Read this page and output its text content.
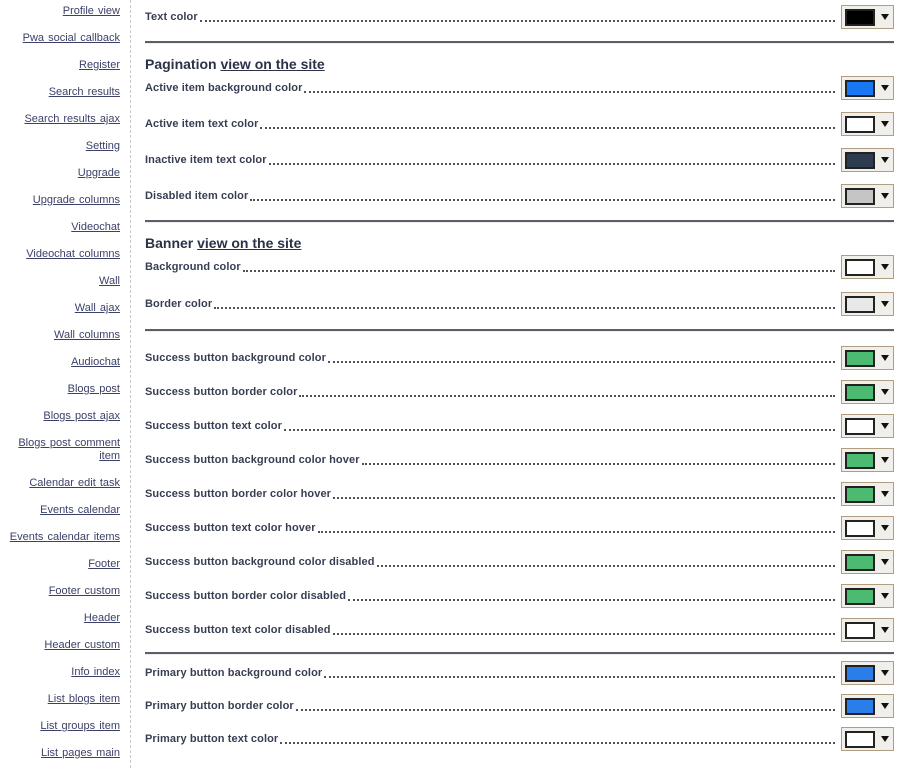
Profile view
Pwa social callback
Register
Search results
Search results ajax
Setting
Upgrade
Upgrade columns
Videochat
Videochat columns
Wall
Wall ajax
Wall columns
Audiochat
Blogs post
Blogs post ajax
Blogs post comment item
Calendar edit task
Events calendar
Events calendar items
Footer
Footer custom
Header
Header custom
Info index
List blogs item
List groups item
List pages main
Text color
Pagination view on the site
Active item background color
Active item text color
Inactive item text color
Disabled item color
Banner view on the site
Background color
Border color
Success button background color
Success button border color
Success button text color
Success button background color hover
Success button border color hover
Success button text color hover
Success button background color disabled
Success button border color disabled
Success button text color disabled
Primary button background color
Primary button border color
Primary button text color
